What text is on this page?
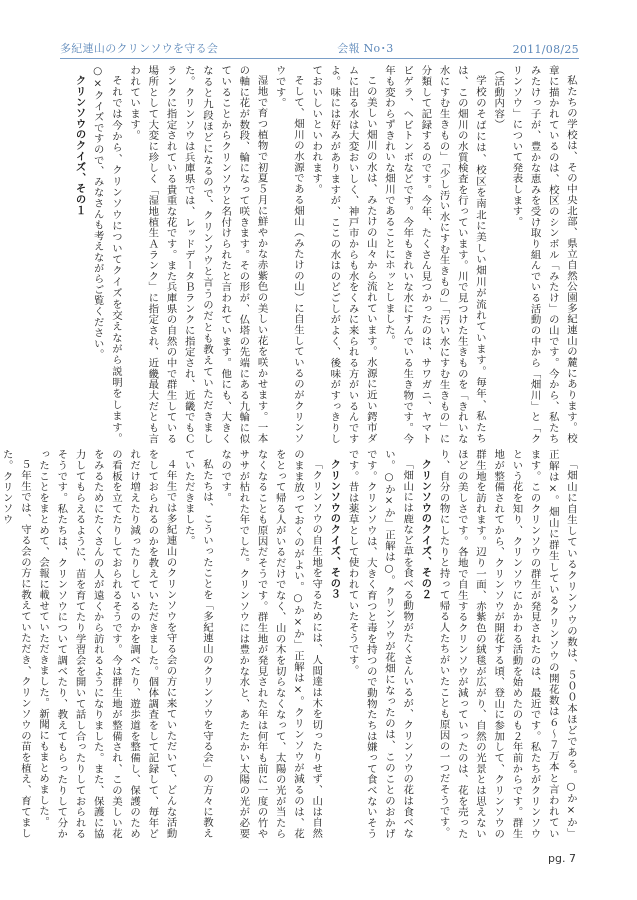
多紀連山のクリンソウを守る会	会報 No･3	2011/08/25

私たちの学校は、その中央北部、県立自然公園多紀連山の麓にあります。校章に描かれているのは、校区のシンボル「みたけ」の山です。今から、私たちみたけっ子が、豊かな恵みを受け取り組んでいる活動の中から「畑川」と「クリンソウ」について発表します。

（活動内容）

学校のそばには、校区を南北に美しい畑川が流れています。毎年、私たちは、この畑川の水質検査を行っています。川で見つけた生きものを「きれいな水にすむ生きもの」「少し汚い水にすむ生きもの」「汚い水にすむ生きもの」に分類して記録するのです。今年、たくさん見つかったのは、サワガニ、ヤマトビゲラ、ヘビトンボなどです。今年もきれいな水にすんでいる生き物です。今年も変わらずきれいな畑川であることにホッとしました。

この美しい畑川の水は、みたけの山々から流れています。水源に近い鍔市ダムに出る水は大変おいしく、神戸市からも水をくみに来られる方がいるんですよ。味には好みがありますが、ここの水はのどごしがよく、後味がすっきりしておいしいといわれます。

そして、畑川の水源である畑山（みたけの山）に自生しているのがクリンソウです。

湿地で育つ植物で初夏５月に鮮やかな赤紫色の美しい花を咲かせます。一本の軸に花が数段、輪になって咲きます。その形が、仏塔の先端にある九輪に似ていることからクリンソウと名付けられたと言われています。他にも、大きくなると九段ほどになるので、クリンソウと言うのだとも教えていただきました。クリンソウは兵庫県では、レッドデータＢランクに指定され、近畿でもＣランクに指定されている貴重な花です。また兵庫県の自然の中で群生している場所として大変に珍しく「湿地植生Ａランク」に指定され、近畿最大だとも言われています。

それでは今から、クリンソウについてクイズを交えながら説明をします。○×クイズですので、みなさんも考えながらご覧ください。

クリンソウのクイズ、その１

「畑山に自生しているクリンソウの数は、５００本ほどである。○か×か」正解は×。畑山に群生しているクリンソウの開花数は６～７万本と言われています。このクリンソウの群生が発見されたのは、最近です。私たちがクリンソウという花を知り、クリンソウにかかわる活動を始めたのも２年前からです。群生地が整備されてから、クリンソウが開花する頃、登山に参加して、クリンソウの群生地を訪れます。辺り一面、赤紫色の絨毯が広がり、自然の光景とは思えないほどの美しさです。各地で自生するクリンソウが減っていったのは、花を売ったり、自分の物にしたりと持って帰る人たちがいたことも原因の一つだそうです。

クリンソウのクイズ、その２

「畑山には鹿など草を食べる動物がたくさんいるが、クリンソウの花は食べない。○か×か」正解は○。クリンソウが花畑になったのは、このことのおかげです。クリンソウは、大きく育つと毒を持つので動物たちは嫌って食べないそうです。昔は薬草として使われていたそうです。

クリンソウのクイズ、その３

「クリンソウの自生地を守るためには、人間達は木を切ったりせず、山は自然のまま放っておくのがよい。○か×か」正解は×。クリンソウが減るのは、花をとって帰る人がいるだけでなく、山の木を切らなくなって、太陽の光が当たらなくなることも原因だそうです。群生地が発見された年は何年も前に一度の竹やササが枯れた年でした。クリンソウには豊かな水と、あたたかい太陽の光が必要なのです。

私たちは、こういったことを「多紀連山のクリンソウを守る会」の方々に教えていただきました。

４年生では多紀連山のクリンソウを守る会の方に来ていただいて、どんな活動をしておられるのかを教えていただきました。個体調査をして記録して、毎年どれだけ増えたり減ったりしているのかを調べたり、遊歩道を整備し、保護のための看板を立てたりしておられるそうです。今は群生地が整備され、この美しい花をみるためにたくさんの人が遠くから訪れるようになりました。また、保護に協力してもらえるように、苗を育てたり学習会を開いて話し合ったりしておられるそうです。私たちは、クリンソウについて調べたり、教えてもらったりして分かったことをまとめて、会報に載せていただきました。新聞にもまとめました。

５年生では、守る会の方に教えていただき、クリンソウの苗を植え、育てました。クリンソウ

pg. 7
